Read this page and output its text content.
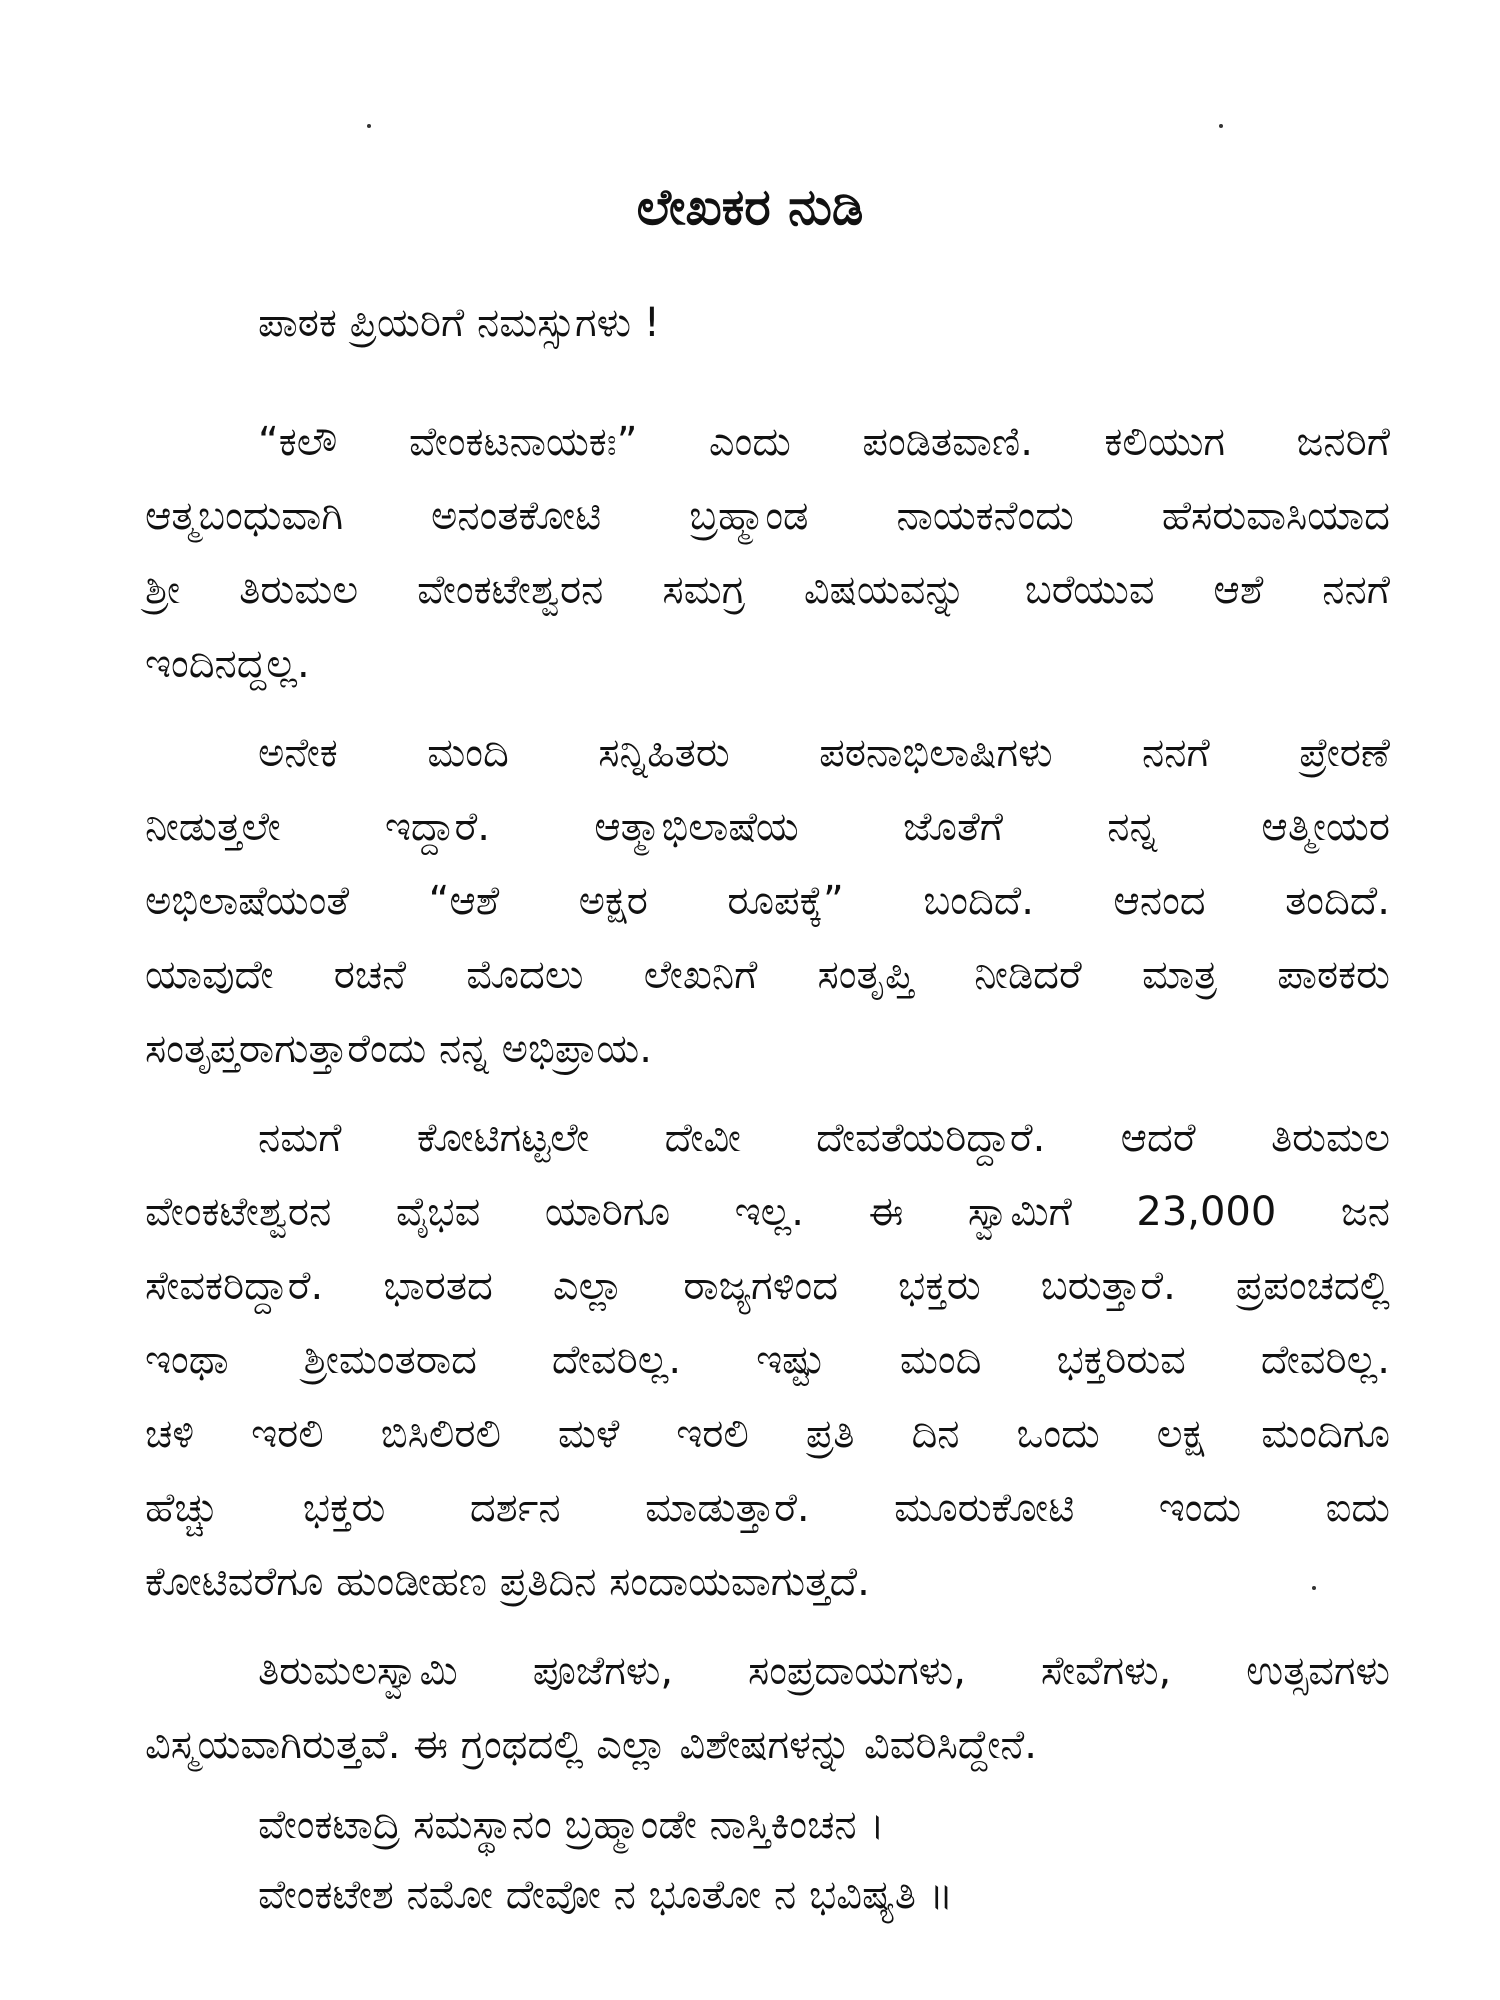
ಲೇಖಕರ ನುಡಿ
ಪಾಠಕ ಪ್ರಿಯರಿಗೆ ನಮಸ್ಸುಗಳು !
“ಕಲೌ ವೇಂಕಟನಾಯಕಃ” ಎಂದು ಪಂಡಿತವಾಣಿ. ಕಲಿಯುಗ ಜನರಿಗೆ
ಆತ್ಮಬಂಧುವಾಗಿ ಅನಂತಕೋಟಿ ಬ್ರಹ್ಮಾಂಡ ನಾಯಕನೆಂದು ಹೆಸರುವಾಸಿಯಾದ
ಶ್ರೀ ತಿರುಮಲ ವೇಂಕಟೇಶ್ವರನ ಸಮಗ್ರ ವಿಷಯವನ್ನು ಬರೆಯುವ ಆಶೆ ನನಗೆ
ಇಂದಿನದ್ದಲ್ಲ.
ಅನೇಕ ಮಂದಿ ಸನ್ನಿಹಿತರು ಪಠನಾಭಿಲಾಷಿಗಳು ನನಗೆ ಪ್ರೇರಣೆ
ನೀಡುತ್ತಲೇ ಇದ್ದಾರೆ. ಆತ್ಮಾಭಿಲಾಷೆಯ ಜೊತೆಗೆ ನನ್ನ ಆತ್ಮೀಯರ
ಅಭಿಲಾಷೆಯಂತೆ “ಆಶೆ ಅಕ್ಷರ ರೂಪಕ್ಕೆ” ಬಂದಿದೆ. ಆನಂದ ತಂದಿದೆ.
ಯಾವುದೇ ರಚನೆ ಮೊದಲು ಲೇಖನಿಗೆ ಸಂತೃಪ್ತಿ ನೀಡಿದರೆ ಮಾತ್ರ ಪಾಠಕರು
ಸಂತೃಪ್ತರಾಗುತ್ತಾರೆಂದು ನನ್ನ ಅಭಿಪ್ರಾಯ.
ನಮಗೆ ಕೋಟಿಗಟ್ಟಲೇ ದೇವೀ ದೇವತೆಯರಿದ್ದಾರೆ. ಆದರೆ ತಿರುಮಲ
ವೇಂಕಟೇಶ್ವರನ ವೈಭವ ಯಾರಿಗೂ ಇಲ್ಲ. ಈ ಸ್ವಾಮಿಗೆ 23,000 ಜನ
ಸೇವಕರಿದ್ದಾರೆ. ಭಾರತದ ಎಲ್ಲಾ ರಾಜ್ಯಗಳಿಂದ ಭಕ್ತರು ಬರುತ್ತಾರೆ. ಪ್ರಪಂಚದಲ್ಲಿ
ಇಂಥಾ ಶ್ರೀಮಂತರಾದ ದೇವರಿಲ್ಲ. ಇಷ್ಟು ಮಂದಿ ಭಕ್ತರಿರುವ ದೇವರಿಲ್ಲ.
ಚಳಿ ಇರಲಿ ಬಿಸಿಲಿರಲಿ ಮಳೆ ಇರಲಿ ಪ್ರತಿ ದಿನ ಒಂದು ಲಕ್ಷ ಮಂದಿಗೂ
ಹೆಚ್ಚು ಭಕ್ತರು ದರ್ಶನ ಮಾಡುತ್ತಾರೆ. ಮೂರುಕೋಟಿ ಇಂದು ಐದು
ಕೋಟಿವರೆಗೂ ಹುಂಡೀಹಣ ಪ್ರತಿದಿನ ಸಂದಾಯವಾಗುತ್ತದೆ.
ತಿರುಮಲಸ್ವಾಮಿ ಪೂಜೆಗಳು, ಸಂಪ್ರದಾಯಗಳು, ಸೇವೆಗಳು, ಉತ್ಸವಗಳು
ವಿಸ್ಮಯವಾಗಿರುತ್ತವೆ. ಈ ಗ್ರಂಥದಲ್ಲಿ ಎಲ್ಲಾ ವಿಶೇಷಗಳನ್ನು ವಿವರಿಸಿದ್ದೇನೆ.
ವೇಂಕಟಾದ್ರಿ ಸಮಸ್ಥಾನಂ ಬ್ರಹ್ಮಾಂಡೇ ನಾಸ್ತಿಕಿಂಚನ ।
ವೇಂಕಟೇಶ ನಮೋ ದೇವೋ ನ ಭೂತೋ ನ ಭವಿಷ್ಯತಿ ॥
